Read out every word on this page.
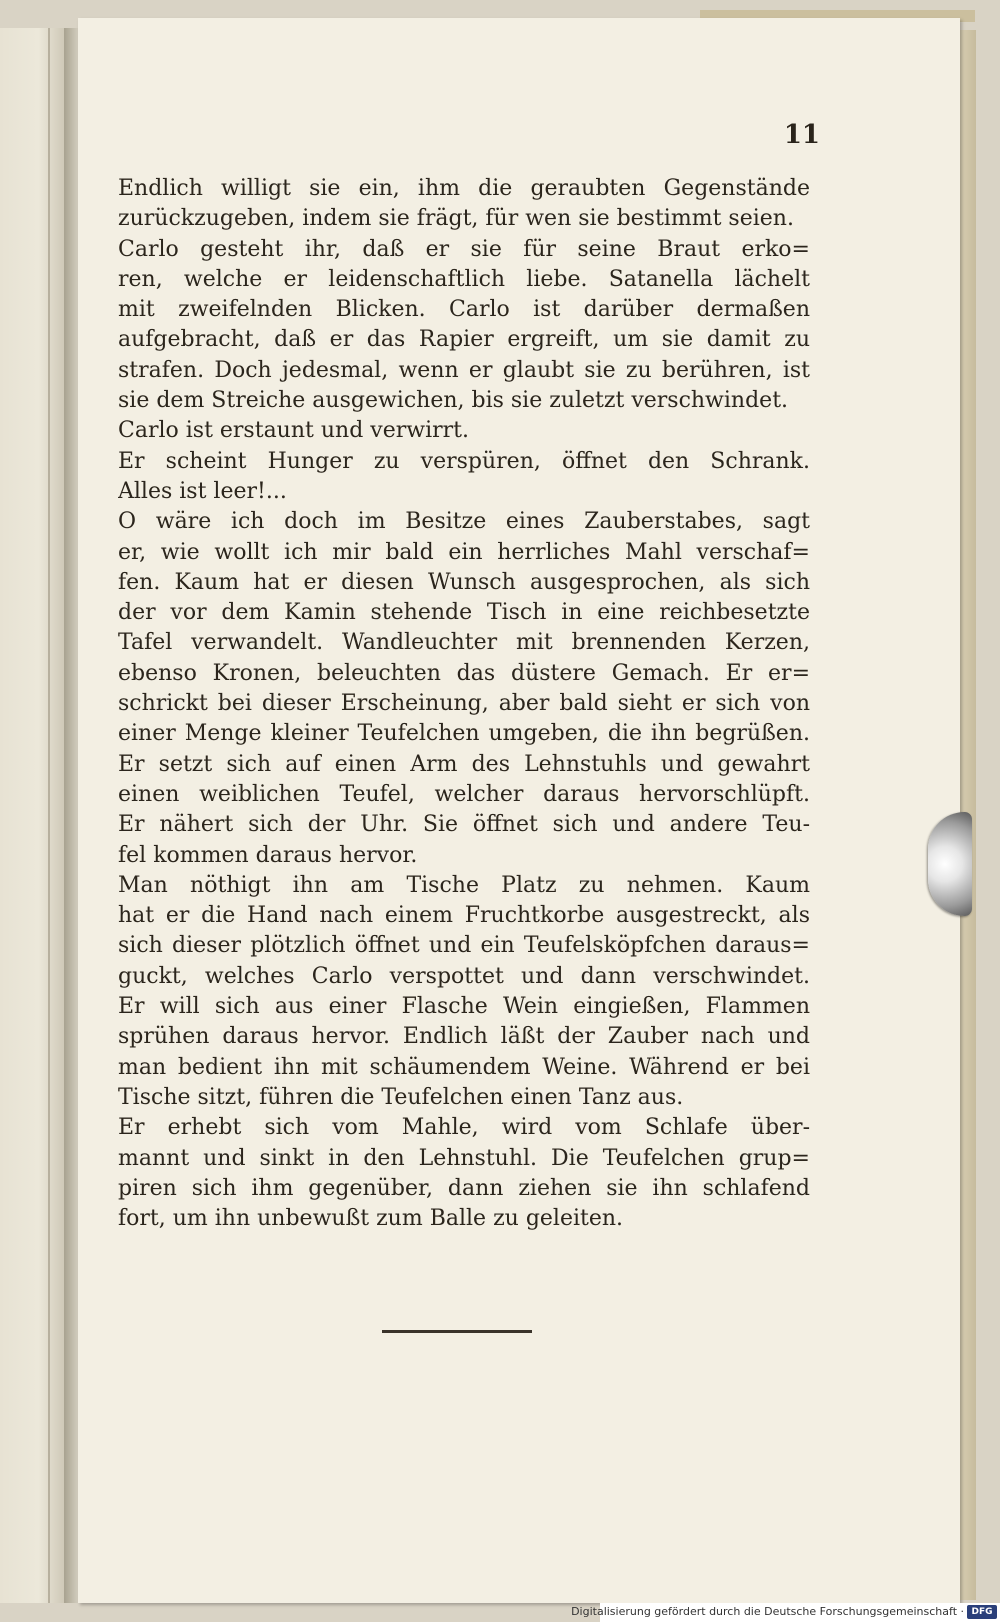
11
Endlich willigt sie ein, ihm die geraubten Gegenstände
zurückzugeben, indem sie frägt, für wen sie bestimmt seien.
Carlo gesteht ihr, daß er sie für seine Braut erko=
ren, welche er leidenschaftlich liebe. Satanella lächelt
mit zweifelnden Blicken. Carlo ist darüber dermaßen
aufgebracht, daß er das Rapier ergreift, um sie damit zu
strafen. Doch jedesmal, wenn er glaubt sie zu berühren, ist
sie dem Streiche ausgewichen, bis sie zuletzt verschwindet.
Carlo ist erstaunt und verwirrt.
Er scheint Hunger zu verspüren, öffnet den Schrank.
Alles ist leer!...
O wäre ich doch im Besitze eines Zauberstabes, sagt
er, wie wollt ich mir bald ein herrliches Mahl verschaf=
fen. Kaum hat er diesen Wunsch ausgesprochen, als sich
der vor dem Kamin stehende Tisch in eine reichbesetzte
Tafel verwandelt. Wandleuchter mit brennenden Kerzen,
ebenso Kronen, beleuchten das düstere Gemach. Er er=
schrickt bei dieser Erscheinung, aber bald sieht er sich von
einer Menge kleiner Teufelchen umgeben, die ihn begrüßen.
Er setzt sich auf einen Arm des Lehnstuhls und gewahrt
einen weiblichen Teufel, welcher daraus hervorschlüpft.
Er nähert sich der Uhr. Sie öffnet sich und andere Teu-
fel kommen daraus hervor.
Man nöthigt ihn am Tische Platz zu nehmen. Kaum
hat er die Hand nach einem Fruchtkorbe ausgestreckt, als
sich dieser plötzlich öffnet und ein Teufelsköpfchen daraus=
guckt, welches Carlo verspottet und dann verschwindet.
Er will sich aus einer Flasche Wein eingießen, Flammen
sprühen daraus hervor. Endlich läßt der Zauber nach und
man bedient ihn mit schäumendem Weine. Während er bei
Tische sitzt, führen die Teufelchen einen Tanz aus.
Er erhebt sich vom Mahle, wird vom Schlafe über-
mannt und sinkt in den Lehnstuhl. Die Teufelchen grup=
piren sich ihm gegenüber, dann ziehen sie ihn schlafend
fort, um ihn unbewußt zum Balle zu geleiten.
Digitalisierung gefördert durch die Deutsche Forschungsgemeinschaft · DFG
